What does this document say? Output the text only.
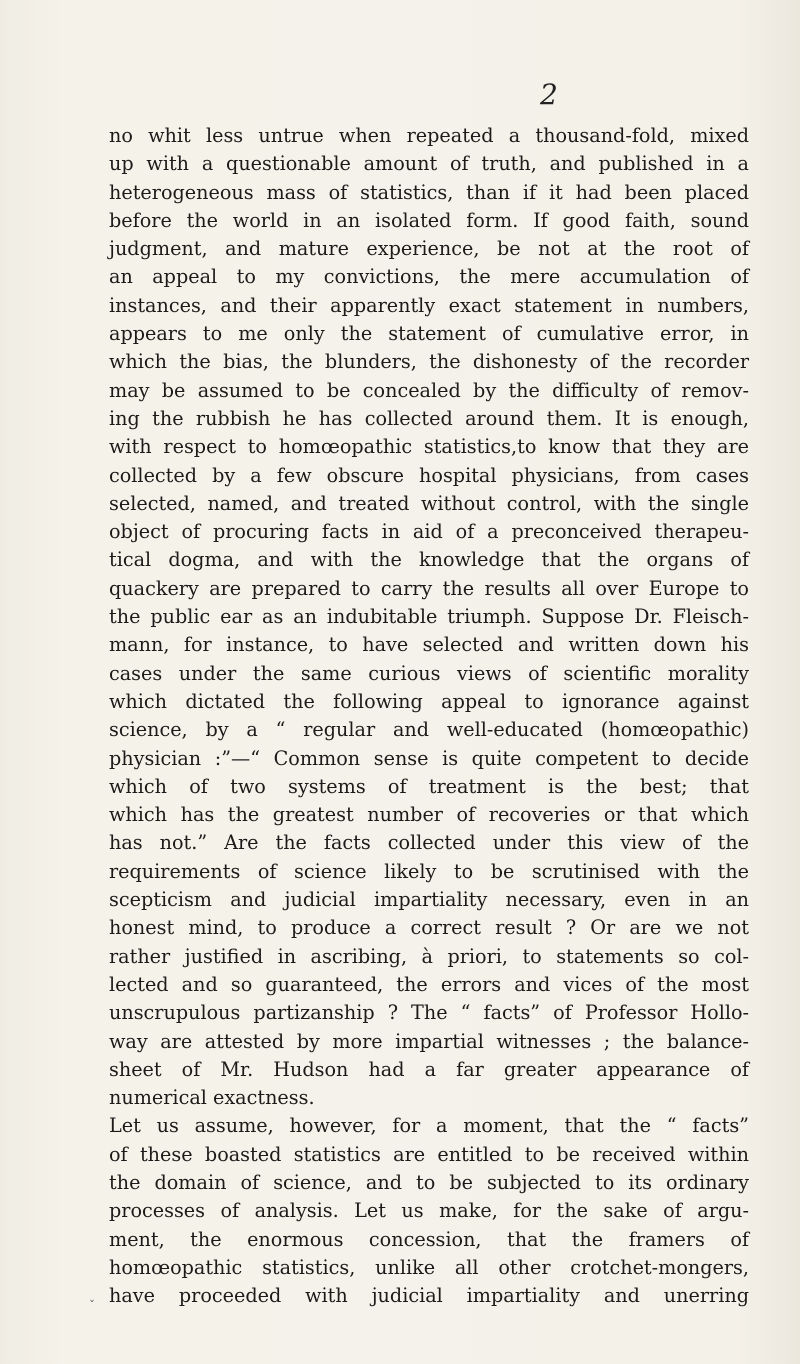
2
no whit less untrue when repeated a thousand-fold, mixed
up with a questionable amount of truth, and published in a
heterogeneous mass of statistics, than if it had been placed
before the world in an isolated form. If good faith, sound
judgment, and mature experience, be not at the root of
an appeal to my convictions, the mere accumulation of
instances, and their apparently exact statement in numbers,
appears to me only the statement of cumulative error, in
which the bias, the blunders, the dishonesty of the recorder
may be assumed to be concealed by the difficulty of remov-
ing the rubbish he has collected around them. It is enough,
with respect to homœopathic statistics,to know that they are
collected by a few obscure hospital physicians, from cases
selected, named, and treated without control, with the single
object of procuring facts in aid of a preconceived therapeu-
tical dogma, and with the knowledge that the organs of
quackery are prepared to carry the results all over Europe to
the public ear as an indubitable triumph. Suppose Dr. Fleisch-
mann, for instance, to have selected and written down his
cases under the same curious views of scientific morality
which dictated the following appeal to ignorance against
science, by a “ regular and well-educated (homœopathic)
physician :”—“ Common sense is quite competent to decide
which of two systems of treatment is the best; that
which has the greatest number of recoveries or that which
has not.” Are the facts collected under this view of the
requirements of science likely to be scrutinised with the
scepticism and judicial impartiality necessary, even in an
honest mind, to produce a correct result ? Or are we not
rather justified in ascribing, à priori, to statements so col-
lected and so guaranteed, the errors and vices of the most
unscrupulous partizanship ? The “ facts” of Professor Hollo-
way are attested by more impartial witnesses ; the balance-
sheet of Mr. Hudson had a far greater appearance of
numerical exactness.
Let us assume, however, for a moment, that the “ facts”
of these boasted statistics are entitled to be received within
the domain of science, and to be subjected to its ordinary
processes of analysis. Let us make, for the sake of argu-
ment, the enormous concession, that the framers of
homœopathic statistics, unlike all other crotchet-mongers,
have proceeded with judicial impartiality and unerring
˯
